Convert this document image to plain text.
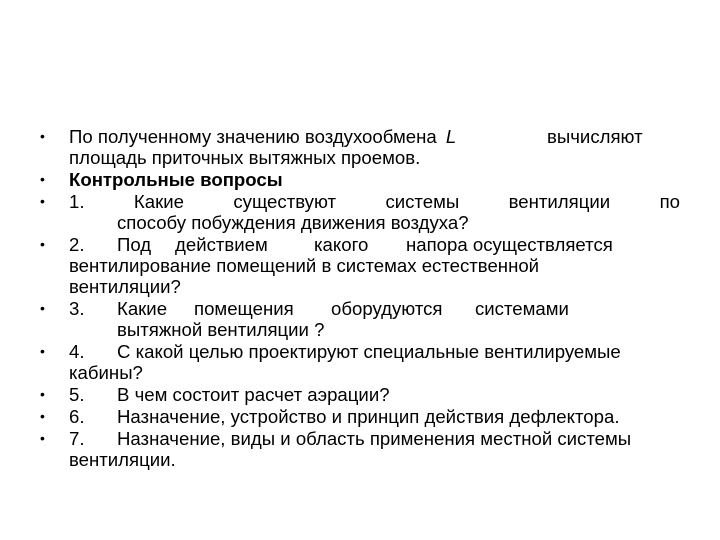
•	По полученному значению воздухообмена L	вычисляют
площадь приточных вытяжных проемов.
•	Контрольные вопросы
•	1.	Какие	существуют	системы	вентиляции	по
способу побуждения движения воздуха?
•	2. Под действием какого напора осуществляется
вентилирование помещений в системах естественной
вентиляции?
•	3. Какие помещения оборудуются системами
вытяжной вентиляции ?
•	4. С какой целью проектируют специальные вентилируемые
кабины?
•	5. В чем состоит расчет аэрации?
•	6. Назначение, устройство и принцип действия дефлектора.
•	7. Назначение, виды и область применения местной системы
вентиляции.
